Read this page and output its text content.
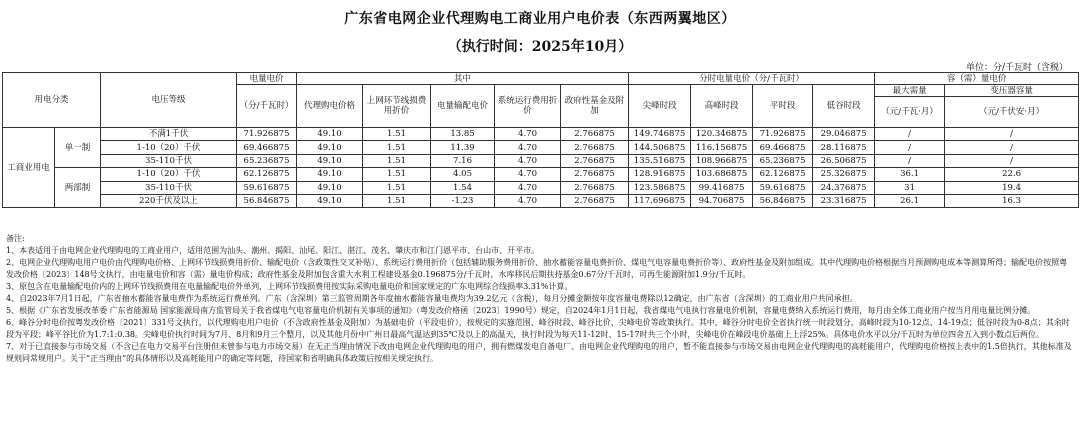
广东省电网企业代理购电工商业用户电价表（东西两翼地区）
（执行时间：2025年10月）
单位：分/千瓦时（含税）
用电分类		电压等级	电量电价	其中					分时电量电价（分/千瓦时）				容（需）量电价	
			（分/千瓦时）	代理购电价格	上网环节线损费用折价	电量输配电价	系统运行费用折价	政府性基金及附加	尖峰时段	高峰时段	平时段	低谷时段	最大需量	变压器容量
													（元/千瓦·月）	（元/千伏安·月）
工商业用电	单一制	不满1千伏	71.926875	49.10	1.51	13.85	4.70	2.766875	149.746875	120.346875	71.926875	29.046875	/	/
		1-10（20）千伏	69.466875	49.10	1.51	11.39	4.70	2.766875	144.506875	116.156875	69.466875	28.116875	/	/
		35-110千伏	65.236875	49.10	1.51	7.16	4.70	2.766875	135.516875	108.966875	65.236875	26.506875	/	/
	两部制	1-10（20）千伏	62.126875	49.10	1.51	4.05	4.70	2.766875	128.916875	103.686875	62.126875	25.326875	36.1	22.6
		35-110千伏	59.616875	49.10	1.51	1.54	4.70	2.766875	123.586875	99.416875	59.616875	24.376875	31	19.4
		220千伏及以上	56.846875	49.10	1.51	-1.23	4.70	2.766875	117.696875	94.706875	56.846875	23.316875	26.1	16.3

备注:

1、本表适用于由电网企业代理购电的工商业用户，适用范围为汕头、潮州、揭阳、汕尾、阳江、湛江、茂名、肇庆市和江门恩平市、台山市、开平市。

2、电网企业代理购电用户电价由代理购电价格、上网环节线损费用折价、输配电价（含政策性交叉补贴）、系统运行费用折价（包括辅助服务费用折价、抽水蓄能容量电费折价、煤电气电容量电费折价等）、政府性基金及附加组成。其中代理购电价格根据当月预测购电成本等测算所得；输配电价按照粤发改价格〔2023〕148号文执行，由电量电价和容（需）量电价构成；政府性基金及附加包含重大水利工程建设基金0.196875分/千瓦时，水库移民后期扶持基金0.67分/千瓦时，可再生能源附加1.9分/千瓦时。

3、原包含在电量输配电价内的上网环节线损费用在电量输配电价外单列，上网环节线损费用按实际采购电量电价和国家规定的广东电网综合线损率3.31%计算。

4、自2023年7月1日起，广东省抽水蓄能容量电费作为系统运行费单列。广东（含深圳）第三监管周期各年度抽水蓄能容量电费均为39.2亿元（含税），每月分摊金额按年度容量电费除以12确定，由广东省（含深圳）的工商业用户共同承担。

5、根据《广东省发展改革委 广东省能源局 国家能源局南方监管局关于我省煤电气电容量电价机制有关事项的通知》（粤发改价格函〔2023〕1990号）规定，自2024年1月1日起，我省煤电气电执行容量电价机制，容量电费纳入系统运行费用，每月由全体工商业用户按当月用电量比例分摊。

6、峰谷分时电价按粤发改价格〔2021〕331号文执行，以代理购电用户电价（不含政府性基金及附加）为基础电价（平段电价），按规定的实施范围、峰谷时段、峰谷比价、尖峰电价等政策执行。其中，峰谷分时电价全省执行统一时段划分，高峰时段为10-12点、14-19点；低谷时段为0-8点；其余时段为平段；峰平谷比价为1.7:1:0.38。尖峰电价执行时间为7月、8月和9月三个整月，以及其他月份中广州日最高气温达到35℃及以上的高温天，执行时段为每天11-12时、15-17时共三个小时，尖峰电价在峰段电价基础上上浮25%。具体电价水平以分/千瓦时为单位四舍五入到小数点后两位。

7、对于已直接参与市场交易（不含已在电力交易平台注册但未曾参与电力市场交易）在无正当理由情况下改由电网企业代理购电的用户，拥有燃煤发电自备电厂、由电网企业代理购电的用户，暂不能直接参与市场交易由电网企业代理购电的高耗能用户，代理购电价格按上表中的1.5倍执行，其他标准及规则同常规用户。关于“正当理由”的具体情形以及高耗能用户的确定等问题，待国家和省明确具体政策后按相关规定执行。
